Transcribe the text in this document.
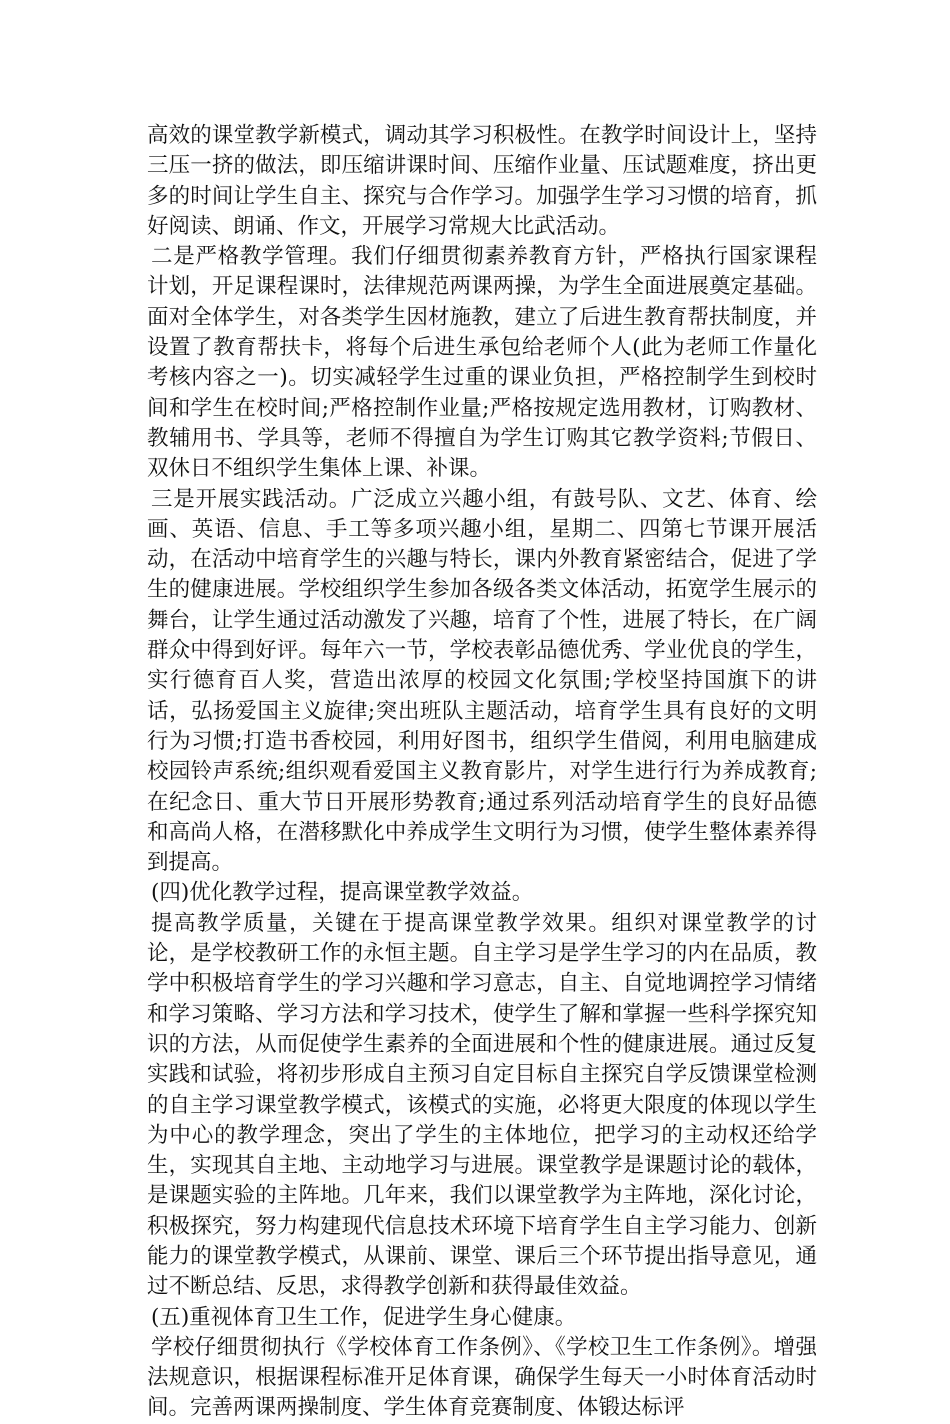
高效的课堂教学新模式，调动其学习积极性。在教学时间设计上，坚持三压一挤的做法，即压缩讲课时间、压缩作业量、压试题难度，挤出更多的时间让学生自主、探究与合作学习。加强学生学习习惯的培育，抓好阅读、朗诵、作文，开展学习常规大比武活动。

二是严格教学管理。我们仔细贯彻素养教育方针，严格执行国家课程计划，开足课程课时，法律规范两课两操，为学生全面进展奠定基础。面对全体学生，对各类学生因材施教，建立了后进生教育帮扶制度，并设置了教育帮扶卡，将每个后进生承包给老师个人(此为老师工作量化考核内容之一)。切实减轻学生过重的课业负担，严格控制学生到校时间和学生在校时间;严格控制作业量;严格按规定选用教材，订购教材、教辅用书、学具等，老师不得擅自为学生订购其它教学资料;节假日、双休日不组织学生集体上课、补课。

三是开展实践活动。广泛成立兴趣小组，有鼓号队、文艺、体育、绘画、英语、信息、手工等多项兴趣小组，星期二、四第七节课开展活动，在活动中培育学生的兴趣与特长，课内外教育紧密结合，促进了学生的健康进展。学校组织学生参加各级各类文体活动，拓宽学生展示的舞台，让学生通过活动激发了兴趣，培育了个性，进展了特长，在广阔群众中得到好评。每年六一节，学校表彰品德优秀、学业优良的学生，实行德育百人奖，营造出浓厚的校园文化氛围;学校坚持国旗下的讲话，弘扬爱国主义旋律;突出班队主题活动，培育学生具有良好的文明行为习惯;打造书香校园，利用好图书，组织学生借阅，利用电脑建成校园铃声系统;组织观看爱国主义教育影片，对学生进行行为养成教育;在纪念日、重大节日开展形势教育;通过系列活动培育学生的良好品德和高尚人格，在潜移默化中养成学生文明行为习惯，使学生整体素养得到提高。

(四)优化教学过程，提高课堂教学效益。

提高教学质量，关键在于提高课堂教学效果。组织对课堂教学的讨论，是学校教研工作的永恒主题。自主学习是学生学习的内在品质，教学中积极培育学生的学习兴趣和学习意志，自主、自觉地调控学习情绪和学习策略、学习方法和学习技术，使学生了解和掌握一些科学探究知识的方法，从而促使学生素养的全面进展和个性的健康进展。通过反复实践和试验，将初步形成自主预习自定目标自主探究自学反馈课堂检测的自主学习课堂教学模式，该模式的实施，必将更大限度的体现以学生为中心的教学理念，突出了学生的主体地位，把学习的主动权还给学生，实现其自主地、主动地学习与进展。课堂教学是课题讨论的载体，是课题实验的主阵地。几年来，我们以课堂教学为主阵地，深化讨论，积极探究，努力构建现代信息技术环境下培育学生自主学习能力、创新能力的课堂教学模式，从课前、课堂、课后三个环节提出指导意见，通过不断总结、反思，求得教学创新和获得最佳效益。

(五)重视体育卫生工作，促进学生身心健康。

学校仔细贯彻执行《学校体育工作条例》、《学校卫生工作条例》。增强法规意识，根据课程标准开足体育课，确保学生每天一小时体育活动时间。完善两课两操制度、学生体育竞赛制度、体锻达标评
